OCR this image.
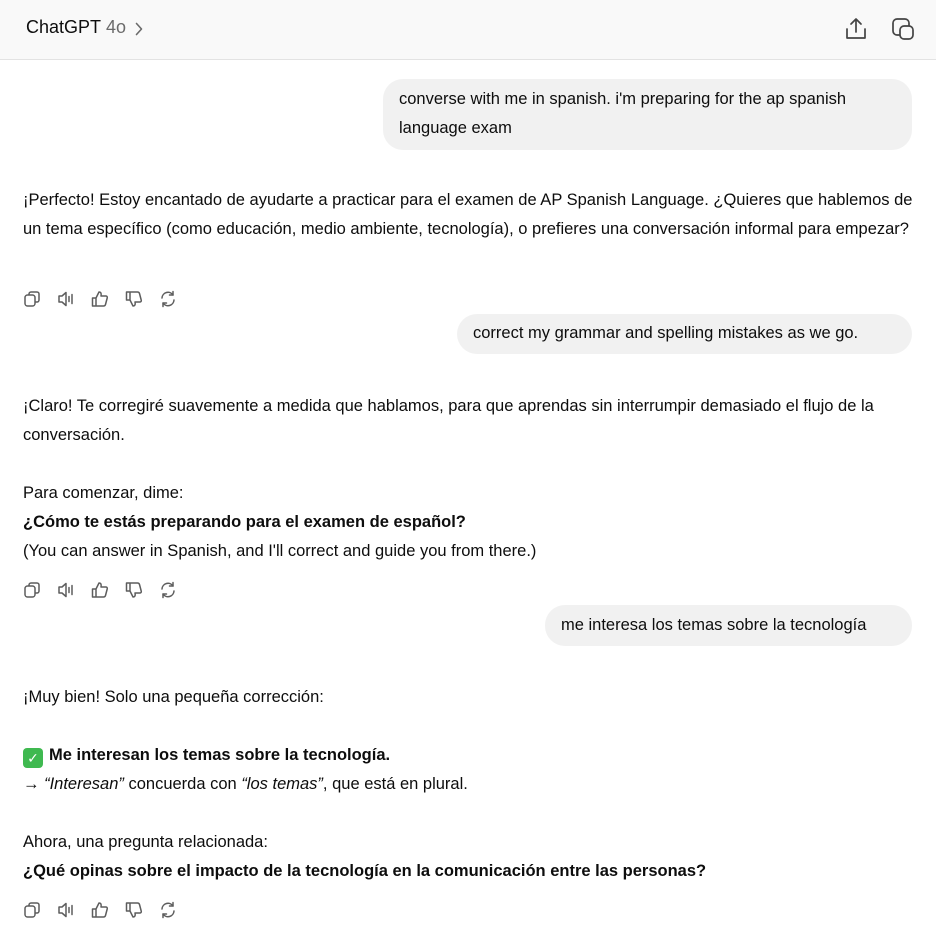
ChatGPT 4o
converse with me in spanish. i'm preparing for the ap spanish language exam

¡Perfecto! Estoy encantado de ayudarte a practicar para el examen de AP Spanish Language. ¿Quieres que hablemos de un tema específico (como educación, medio ambiente, tecnología), o prefieres una conversación informal para empezar?

correct my grammar and spelling mistakes as we go.

¡Claro! Te corregiré suavemente a medida que hablamos, para que aprendas sin interrumpir demasiado el flujo de la conversación.

Para comenzar, dime:

¿Cómo te estás preparando para el examen de español?

(You can answer in Spanish, and I'll correct and guide you from there.)

me interesa los temas sobre la tecnología

¡Muy bien! Solo una pequeña corrección:

✓ Me interesan los temas sobre la tecnología.

→ “Interesan” concuerda con “los temas”, que está en plural.

Ahora, una pregunta relacionada:

¿Qué opinas sobre el impacto de la tecnología en la comunicación entre las personas?
